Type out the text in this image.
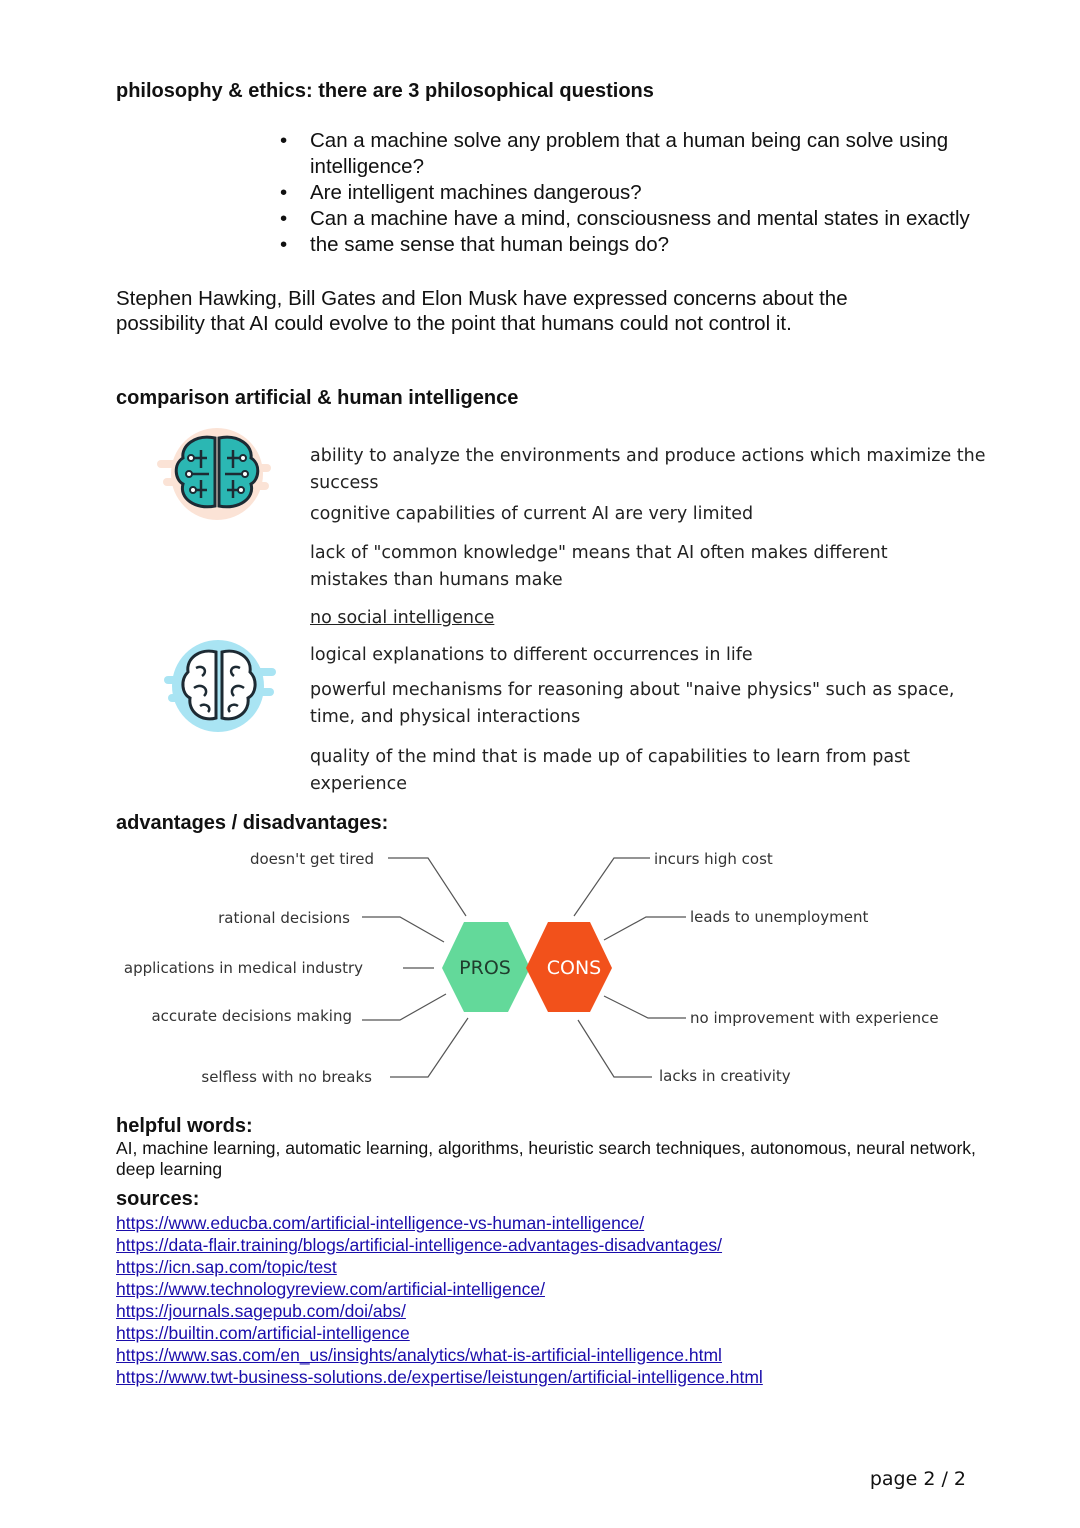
philosophy & ethics: there are 3 philosophical questions
• Can a machine solve any problem that a human being can solve using intelligence?
• Are intelligent machines dangerous?
•
•
Can a machine have a mind, consciousness and mental states in exactly the same sense that human beings do?
Stephen Hawking, Bill Gates and Elon Musk have expressed concerns about the possibility that AI could evolve to the point that humans could not control it.
comparison artificial & human intelligence
ability to analyze the environments and produce actions which maximize the success
cognitive capabilities of current AI are very limited
lack of "common knowledge" means that AI often makes different mistakes than humans make
no social intelligence
logical explanations to different occurrences in life
powerful mechanisms for reasoning about "naive physics" such as space, time, and physical interactions
quality of the mind that is made up of capabilities to learn from past experience
advantages / disadvantages:
PROS CONS
doesn't get tired
rational decisions
applications in medical industry
accurate decisions making
selfless with no breaks
incurs high cost
leads to unemployment
no improvement with experience
lacks in creativity
helpful words:
AI, machine learning, automatic learning, algorithms, heuristic search techniques, autonomous, neural network, deep learning
sources:
https://www.educba.com/artificial-intelligence-vs-human-intelligence/
https://data-flair.training/blogs/artificial-intelligence-advantages-disadvantages/
https://icn.sap.com/topic/test
https://www.technologyreview.com/artificial-intelligence/
https://journals.sagepub.com/doi/abs/
https://builtin.com/artificial-intelligence
https://www.sas.com/en_us/insights/analytics/what-is-artificial-intelligence.html
https://www.twt-business-solutions.de/expertise/leistungen/artificial-intelligence.html
page 2 / 2
